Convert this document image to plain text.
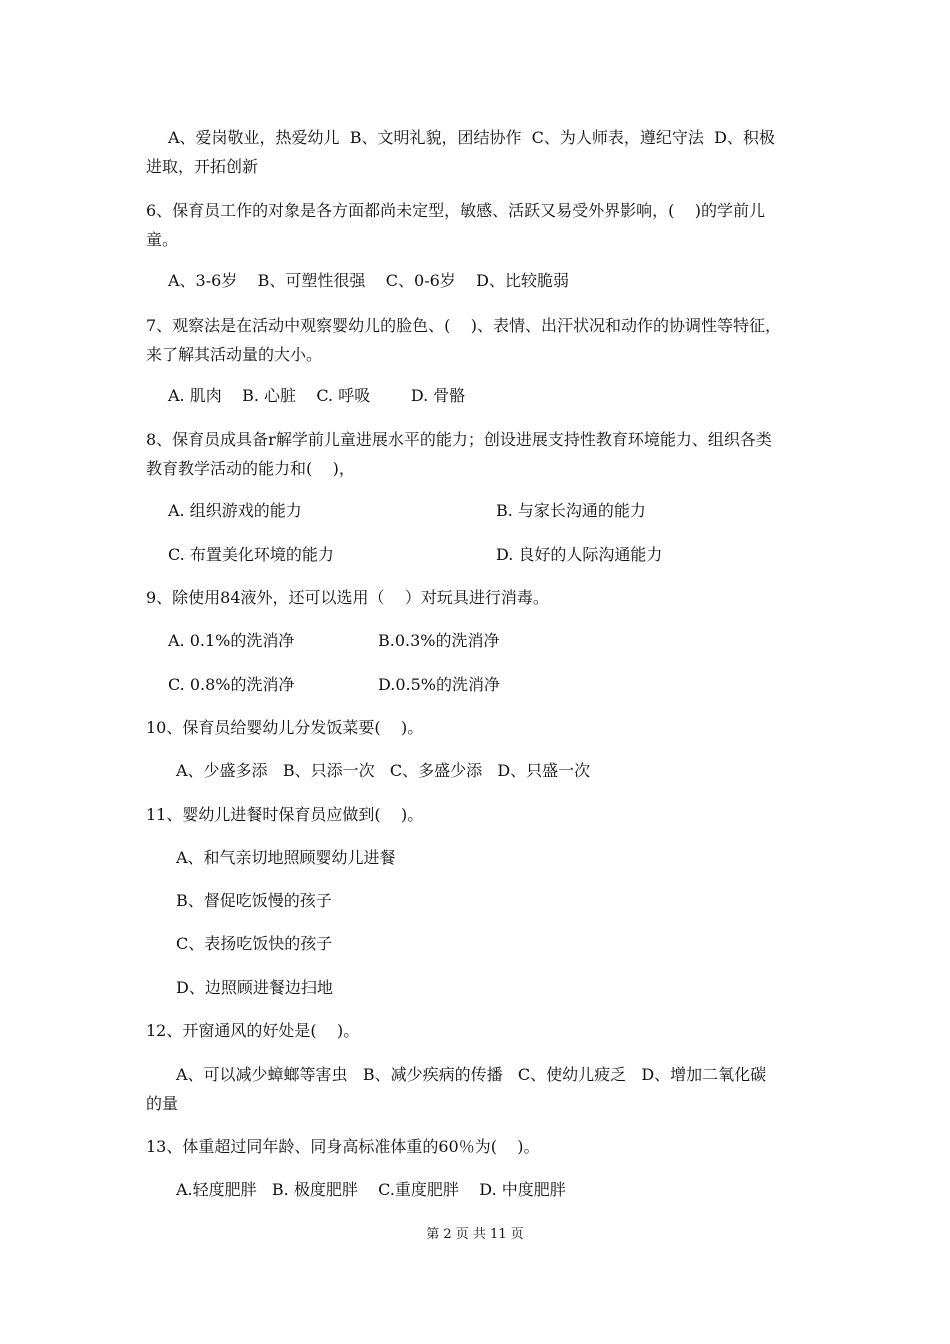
A、爱岗敬业，热爱幼儿  B、文明礼貌，团结协作  C、为人师表，遵纪守法  D、积极
进取，开拓创新
6、保育员工作的对象是各方面都尚未定型，敏感、活跃又易受外界影响，(    )的学前儿
童。
A、3-6岁    B、可塑性很强    C、0-6岁    D、比较脆弱
7、观察法是在活动中观察婴幼儿的脸色、(    )、表情、出汗状况和动作的协调性等特征，
来了解其活动量的大小。
A. 肌肉    B. 心脏    C. 呼吸        D. 骨骼
8、保育员成具备r解学前儿童进展水平的能力；创设进展支持性教育环境能力、组织各类
教育教学活动的能力和(    )，
A. 组织游戏的能力	B. 与家长沟通的能力
C. 布置美化环境的能力	D. 良好的人际沟通能力
9、除使用84液外，还可以选用（    ）对玩具进行消毒。
A. 0.1%的洗消净	B.0.3%的洗消净
C. 0.8%的洗消净	D.0.5%的洗消净
10、保育员给婴幼儿分发饭菜要(    )。
A、少盛多添   B、只添一次   C、多盛少添   D、只盛一次
11、婴幼儿进餐时保育员应做到(    )。
A、和气亲切地照顾婴幼儿进餐
B、督促吃饭慢的孩子
C、表扬吃饭快的孩子
D、边照顾进餐边扫地
12、开窗通风的好处是(    )。
A、可以减少蟑螂等害虫   B、减少疾病的传播   C、使幼儿疲乏   D、增加二氧化碳
的量
13、体重超过同年龄、同身高标准体重的60％为(    )。
A.轻度肥胖   B. 极度肥胖    C.重度肥胖    D. 中度肥胖
第 2 页 共 11 页
